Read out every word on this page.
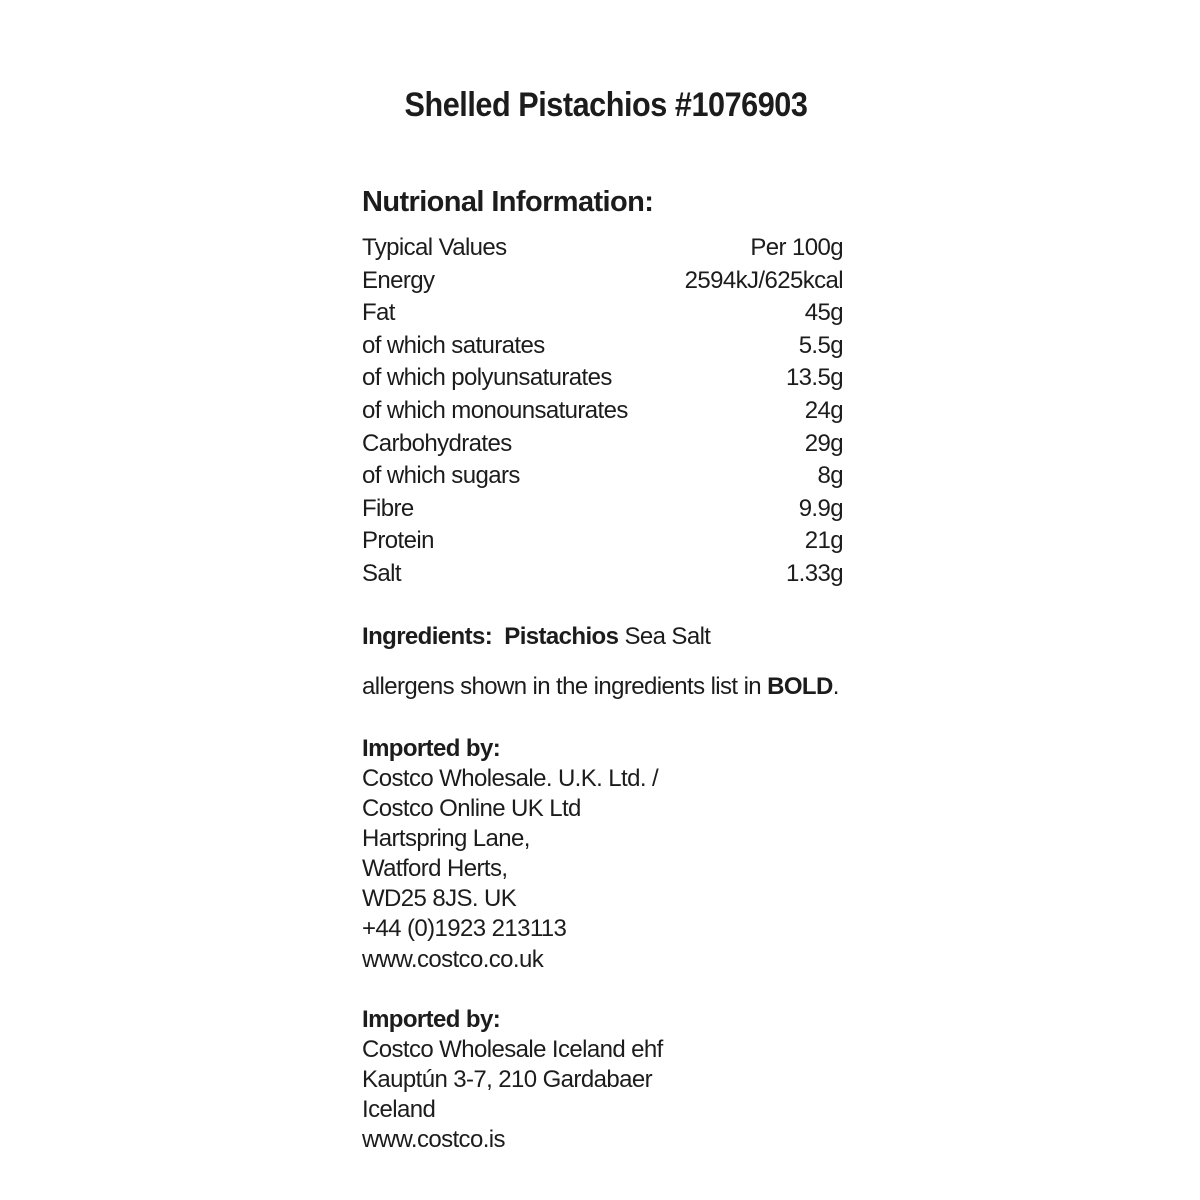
Shelled Pistachios #1076903
Nutrional Information:
Typical Values	Per 100g
Energy	2594kJ/625kcal
Fat	45g
of which saturates	5.5g
of which polyunsaturates	13.5g
of which monounsaturates	24g
Carbohydrates	29g
of which sugars	8g
Fibre	9.9g
Protein	21g
Salt	1.33g
Ingredients: Pistachios Sea Salt
allergens shown in the ingredients list in BOLD.
Imported by:
Costco Wholesale. U.K. Ltd. /
Costco Online UK Ltd
Hartspring Lane,
Watford Herts,
WD25 8JS. UK
+44 (0)1923 213113
www.costco.co.uk
Imported by:
Costco Wholesale Iceland ehf
Kauptún 3-7, 210 Gardabaer
Iceland
www.costco.is
